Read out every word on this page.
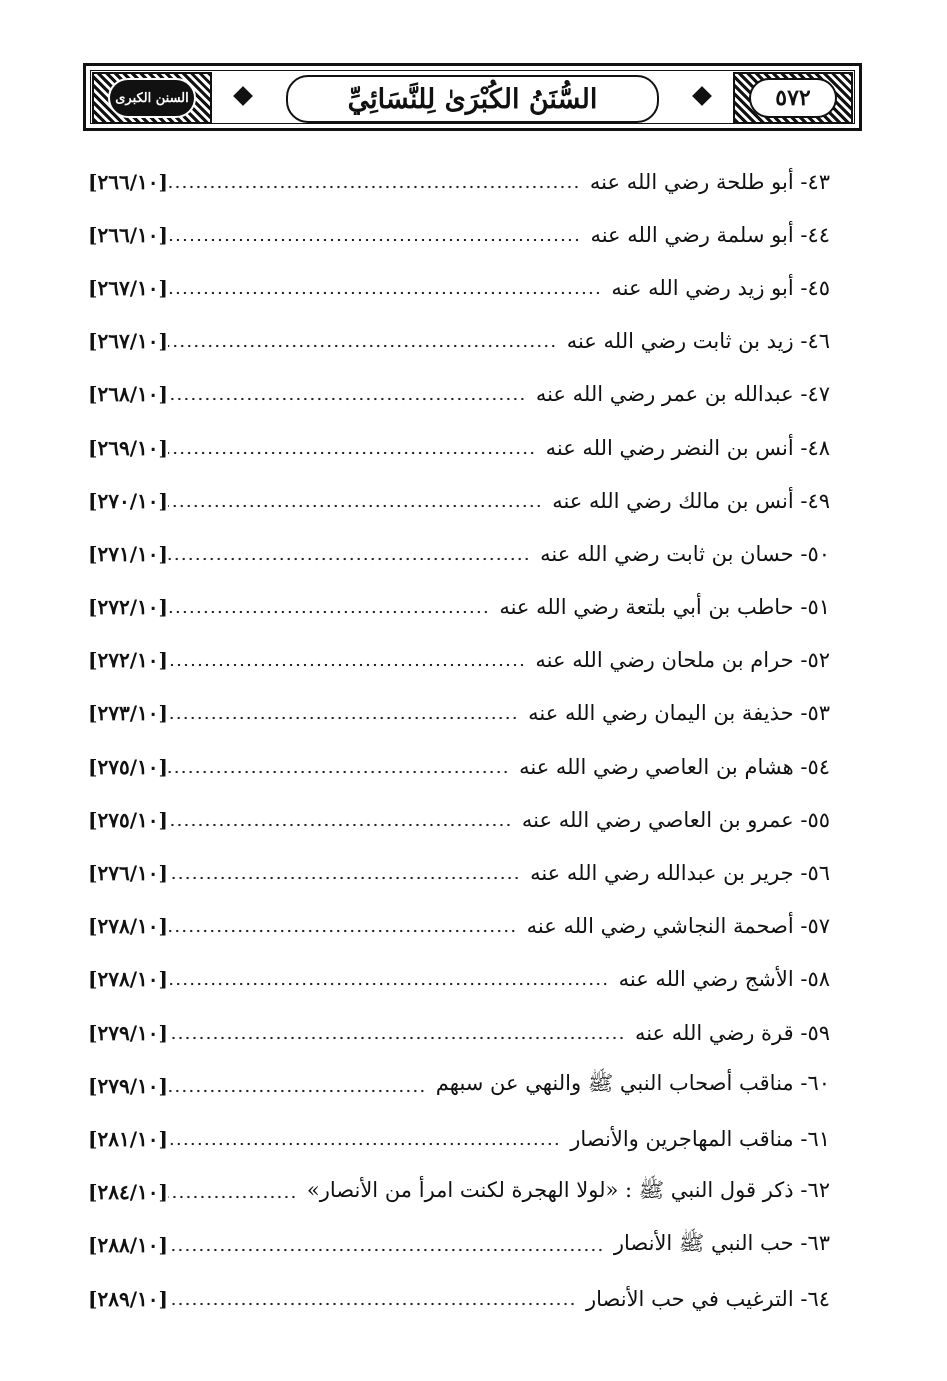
السنن الكبرى	السُّنَنُ الكُبْرَىٰ لِلنَّسَائِيِّ	٥٧٢
٤٣- أبو طلحة رضي الله عنه
[٢٦٦/١٠]
٤٤- أبو سلمة رضي الله عنه
[٢٦٦/١٠]
٤٥- أبو زيد رضي الله عنه
[٢٦٧/١٠]
٤٦- زيد بن ثابت رضي الله عنه
[٢٦٧/١٠]
٤٧- عبدالله بن عمر رضي الله عنه
[٢٦٨/١٠]
٤٨- أنس بن النضر رضي الله عنه
[٢٦٩/١٠]
٤٩- أنس بن مالك رضي الله عنه
[٢٧٠/١٠]
٥٠- حسان بن ثابت رضي الله عنه
[٢٧١/١٠]
٥١- حاطب بن أبي بلتعة رضي الله عنه
[٢٧٢/١٠]
٥٢- حرام بن ملحان رضي الله عنه
[٢٧٢/١٠]
٥٣- حذيفة بن اليمان رضي الله عنه
[٢٧٣/١٠]
٥٤- هشام بن العاصي رضي الله عنه
[٢٧٥/١٠]
٥٥- عمرو بن العاصي رضي الله عنه
[٢٧٥/١٠]
٥٦- جرير بن عبدالله رضي الله عنه
[٢٧٦/١٠]
٥٧- أصحمة النجاشي رضي الله عنه
[٢٧٨/١٠]
٥٨- الأشج رضي الله عنه
[٢٧٨/١٠]
٥٩- قرة رضي الله عنه
[٢٧٩/١٠]
٦٠- مناقب أصحاب النبي ﷺ والنهي عن سبهم
[٢٧٩/١٠]
٦١- مناقب المهاجرين والأنصار
[٢٨١/١٠]
٦٢- ذكر قول النبي ﷺ : «لولا الهجرة لكنت امرأ من الأنصار»
[٢٨٤/١٠]
٦٣- حب النبي ﷺ الأنصار
[٢٨٨/١٠]
٦٤- الترغيب في حب الأنصار
[٢٨٩/١٠]
